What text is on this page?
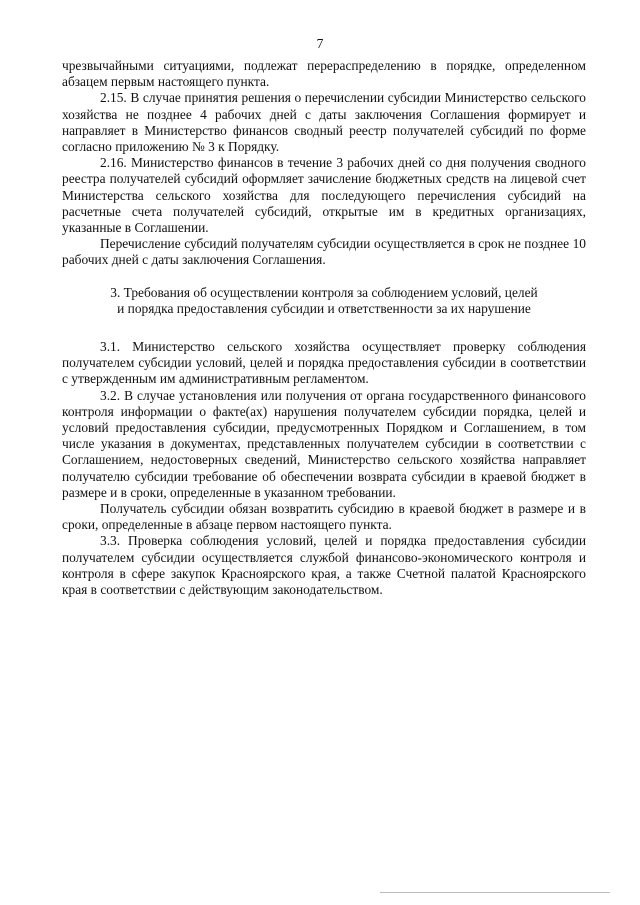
7

чрезвычайными ситуациями, подлежат перераспределению в порядке, определенном абзацем первым настоящего пункта.

2.15. В случае принятия решения о перечислении субсидии Министерство сельского хозяйства не позднее 4 рабочих дней с даты заключения Соглашения формирует и направляет в Министерство финансов сводный реестр получателей субсидий по форме согласно приложению № 3 к Порядку.

2.16. Министерство финансов в течение 3 рабочих дней со дня получения сводного реестра получателей субсидий оформляет зачисление бюджетных средств на лицевой счет Министерства сельского хозяйства для последующего перечисления субсидий на расчетные счета получателей субсидий, открытые им в кредитных организациях, указанные в Соглашении.

Перечисление субсидий получателям субсидии осуществляется в срок не позднее 10 рабочих дней с даты заключения Соглашения.

3. Требования об осуществлении контроля за соблюдением условий, целей
и порядка предоставления субсидии и ответственности за их нарушение

3.1. Министерство сельского хозяйства осуществляет проверку соблюдения получателем субсидии условий, целей и порядка предоставления субсидии в соответствии с утвержденным им административным регламентом.

3.2. В случае установления или получения от органа государственного финансового контроля информации о факте(ах) нарушения получателем субсидии порядка, целей и условий предоставления субсидии, предусмотренных Порядком и Соглашением, в том числе указания в документах, представленных получателем субсидии в соответствии с Соглашением, недостоверных сведений, Министерство сельского хозяйства направляет получателю субсидии требование об обеспечении возврата субсидии в краевой бюджет в размере и в сроки, определенные в указанном требовании.

Получатель субсидии обязан возвратить субсидию в краевой бюджет в размере и в сроки, определенные в абзаце первом настоящего пункта.

3.3. Проверка соблюдения условий, целей и порядка предоставления субсидии получателем субсидии осуществляется службой финансово-экономического контроля и контроля в сфере закупок Красноярского края, а также Счетной палатой Красноярского края в соответствии с действующим законодательством.
